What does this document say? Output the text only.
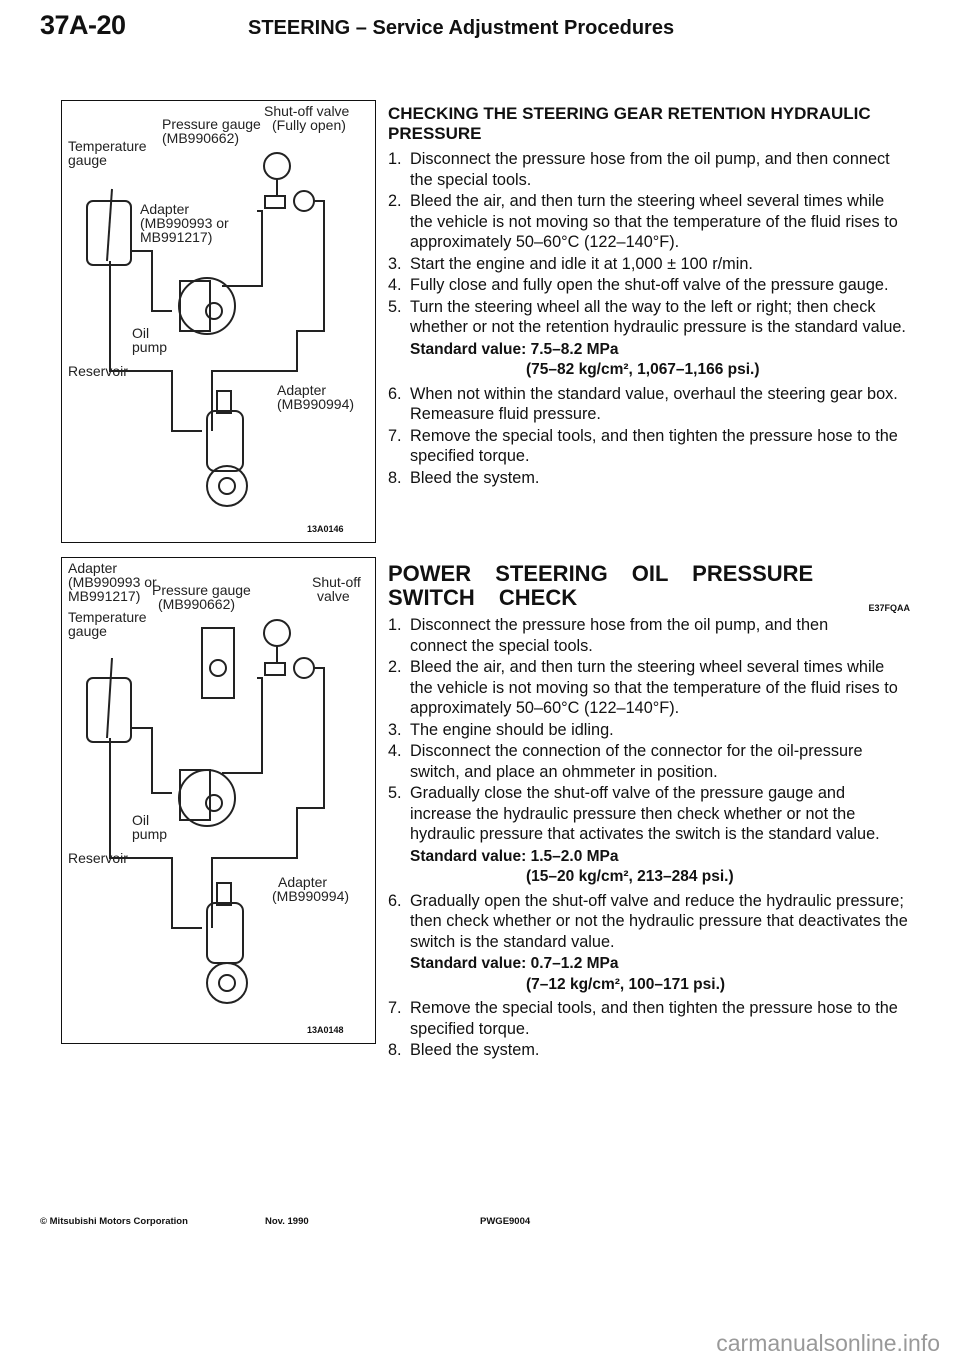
37A-20	STEERING – Service Adjustment Procedures
Shut-off valve
(Fully open)
Pressure gauge
(MB990662)
Temperature
gauge
Adapter
(MB990993 or
MB991217)
Oil
pump
Reservoir
Adapter
(MB990994)
13A0146
Adapter
(MB990993 or
MB991217) Pressure gauge
(MB990662)
Shut-off
valve
Temperature
gauge
Oil
pump
Reservoir
Adapter
(MB990994)
13A0148
CHECKING THE STEERING GEAR RETENTION HYDRAULIC PRESSURE
1. Disconnect the pressure hose from the oil pump, and then connect the special tools.
2. Bleed the air, and then turn the steering wheel several times while the vehicle is not moving so that the temperature of the fluid rises to approximately 50–60°C (122–140°F).
3. Start the engine and idle it at 1,000 ± 100 r/min.
4. Fully close and fully open the shut-off valve of the pressure gauge.
5. Turn the steering wheel all the way to the left or right; then check whether or not the retention hydraulic pressure is the standard value.
Standard value: 7.5–8.2 MPa
(75–82 kg/cm², 1,067–1,166 psi.)
6. When not within the standard value, overhaul the steering gear box. Remeasure fluid pressure.
7. Remove the special tools, and then tighten the pressure hose to the specified torque.
8. Bleed the system.
POWER STEERING OIL PRESSURE SWITCH CHECK	E37FQAA
1. Disconnect the pressure hose from the oil pump, and then connect the special tools.
2. Bleed the air, and then turn the steering wheel several times while the vehicle is not moving so that the temperature of the fluid rises to approximately 50–60°C (122–140°F).
3. The engine should be idling.
4. Disconnect the connection of the connector for the oil-pressure switch, and place an ohmmeter in position.
5. Gradually close the shut-off valve of the pressure gauge and increase the hydraulic pressure then check whether or not the hydraulic pressure that activates the switch is the standard value.
Standard value: 1.5–2.0 MPa
(15–20 kg/cm², 213–284 psi.)
6. Gradually open the shut-off valve and reduce the hydraulic pressure; then check whether or not the hydraulic pressure that deactivates the switch is the standard value.
Standard value: 0.7–1.2 MPa
(7–12 kg/cm², 100–171 psi.)
7. Remove the special tools, and then tighten the pressure hose to the specified torque.
8. Bleed the system.
© Mitsubishi Motors Corporation	Nov. 1990	PWGE9004
carmanualsonline.info
